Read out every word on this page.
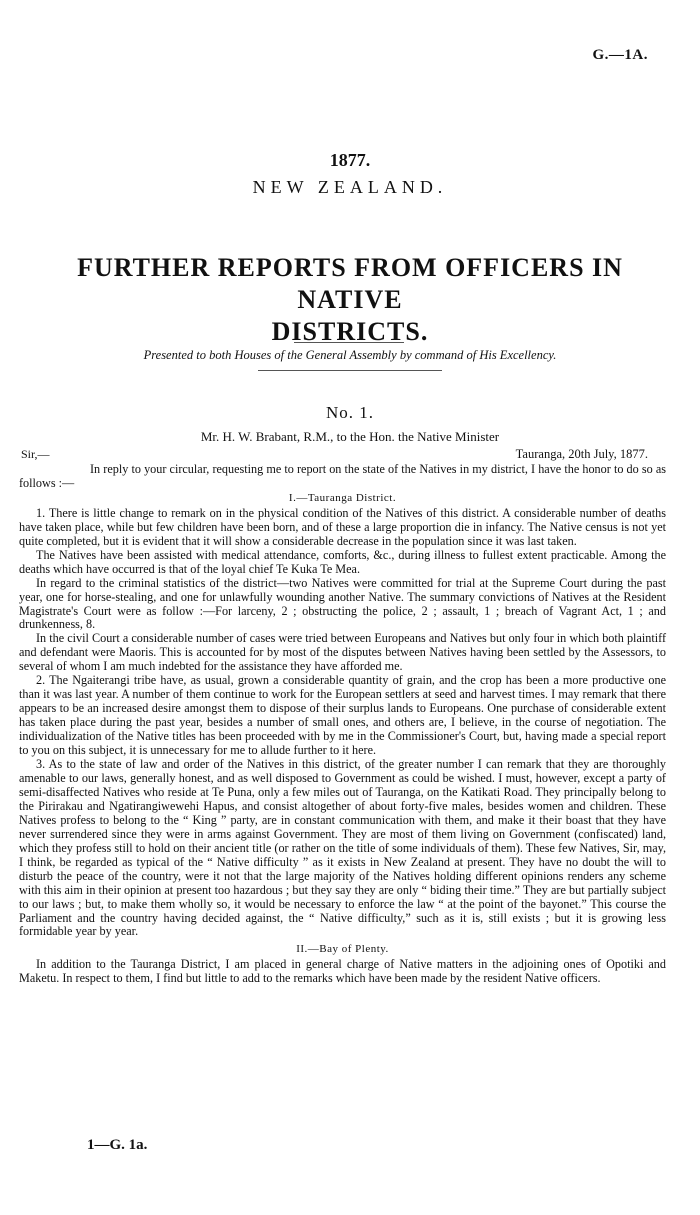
G.—1A.
1877.
NEW ZEALAND.
FURTHER REPORTS FROM OFFICERS IN NATIVE
DISTRICTS.
Presented to both Houses of the General Assembly by command of His Excellency.
No. 1.
Mr. H. W. Brabant, R.M., to the Hon. the Native Minister
Sir,—	Tauranga, 20th July, 1877.

In reply to your circular, requesting me to report on the state of the Natives in my district, I have the honor to do so as follows :—

I.—Tauranga District.

1. There is little change to remark on in the physical condition of the Natives of this district. A considerable number of deaths have taken place, while but few children have been born, and of these a large proportion die in infancy. The Native census is not yet quite completed, but it is evident that it will show a considerable decrease in the population since it was last taken.

The Natives have been assisted with medical attendance, comforts, &c., during illness to fullest extent practicable. Among the deaths which have occurred is that of the loyal chief Te Kuka Te Mea.

In regard to the criminal statistics of the district—two Natives were committed for trial at the Supreme Court during the past year, one for horse-stealing, and one for unlawfully wounding another Native. The summary convictions of Natives at the Resident Magistrate's Court were as follow :—For larceny, 2 ; obstructing the police, 2 ; assault, 1 ; breach of Vagrant Act, 1 ; and drunkenness, 8.

In the civil Court a considerable number of cases were tried between Europeans and Natives but only four in which both plaintiff and defendant were Maoris. This is accounted for by most of the disputes between Natives having been settled by the Assessors, to several of whom I am much indebted for the assistance they have afforded me.

2. The Ngaiterangi tribe have, as usual, grown a considerable quantity of grain, and the crop has been a more productive one than it was last year. A number of them continue to work for the European settlers at seed and harvest times. I may remark that there appears to be an increased desire amongst them to dispose of their surplus lands to Europeans. One purchase of considerable extent has taken place during the past year, besides a number of small ones, and others are, I believe, in the course of negotiation. The individualization of the Native titles has been proceeded with by me in the Commissioner's Court, but, having made a special report to you on this subject, it is unnecessary for me to allude further to it here.

3. As to the state of law and order of the Natives in this district, of the greater number I can remark that they are thoroughly amenable to our laws, generally honest, and as well disposed to Government as could be wished. I must, however, except a party of semi-disaffected Natives who reside at Te Puna, only a few miles out of Tauranga, on the Katikati Road. They principally belong to the Pirirakau and Ngatirangiwewehi Hapus, and consist altogether of about forty-five males, besides women and children. These Natives profess to belong to the “ King ” party, are in constant communication with them, and make it their boast that they have never surrendered since they were in arms against Government. They are most of them living on Government (confiscated) land, which they profess still to hold on their ancient title (or rather on the title of some individuals of them). These few Natives, Sir, may, I think, be regarded as typical of the “ Native difficulty ” as it exists in New Zealand at present. They have no doubt the will to disturb the peace of the country, were it not that the large majority of the Natives holding different opinions renders any scheme with this aim in their opinion at present too hazardous ; but they say they are only “ biding their time.” They are but partially subject to our laws ; but, to make them wholly so, it would be necessary to enforce the law “ at the point of the bayonet.” This course the Parliament and the country having decided against, the “ Native difficulty,” such as it is, still exists ; but it is growing less formidable year by year.

II.—Bay of Plenty.

In addition to the Tauranga District, I am placed in general charge of Native matters in the adjoining ones of Opotiki and Maketu. In respect to them, I find but little to add to the remarks which have been made by the resident Native officers.

1—G. 1a.
